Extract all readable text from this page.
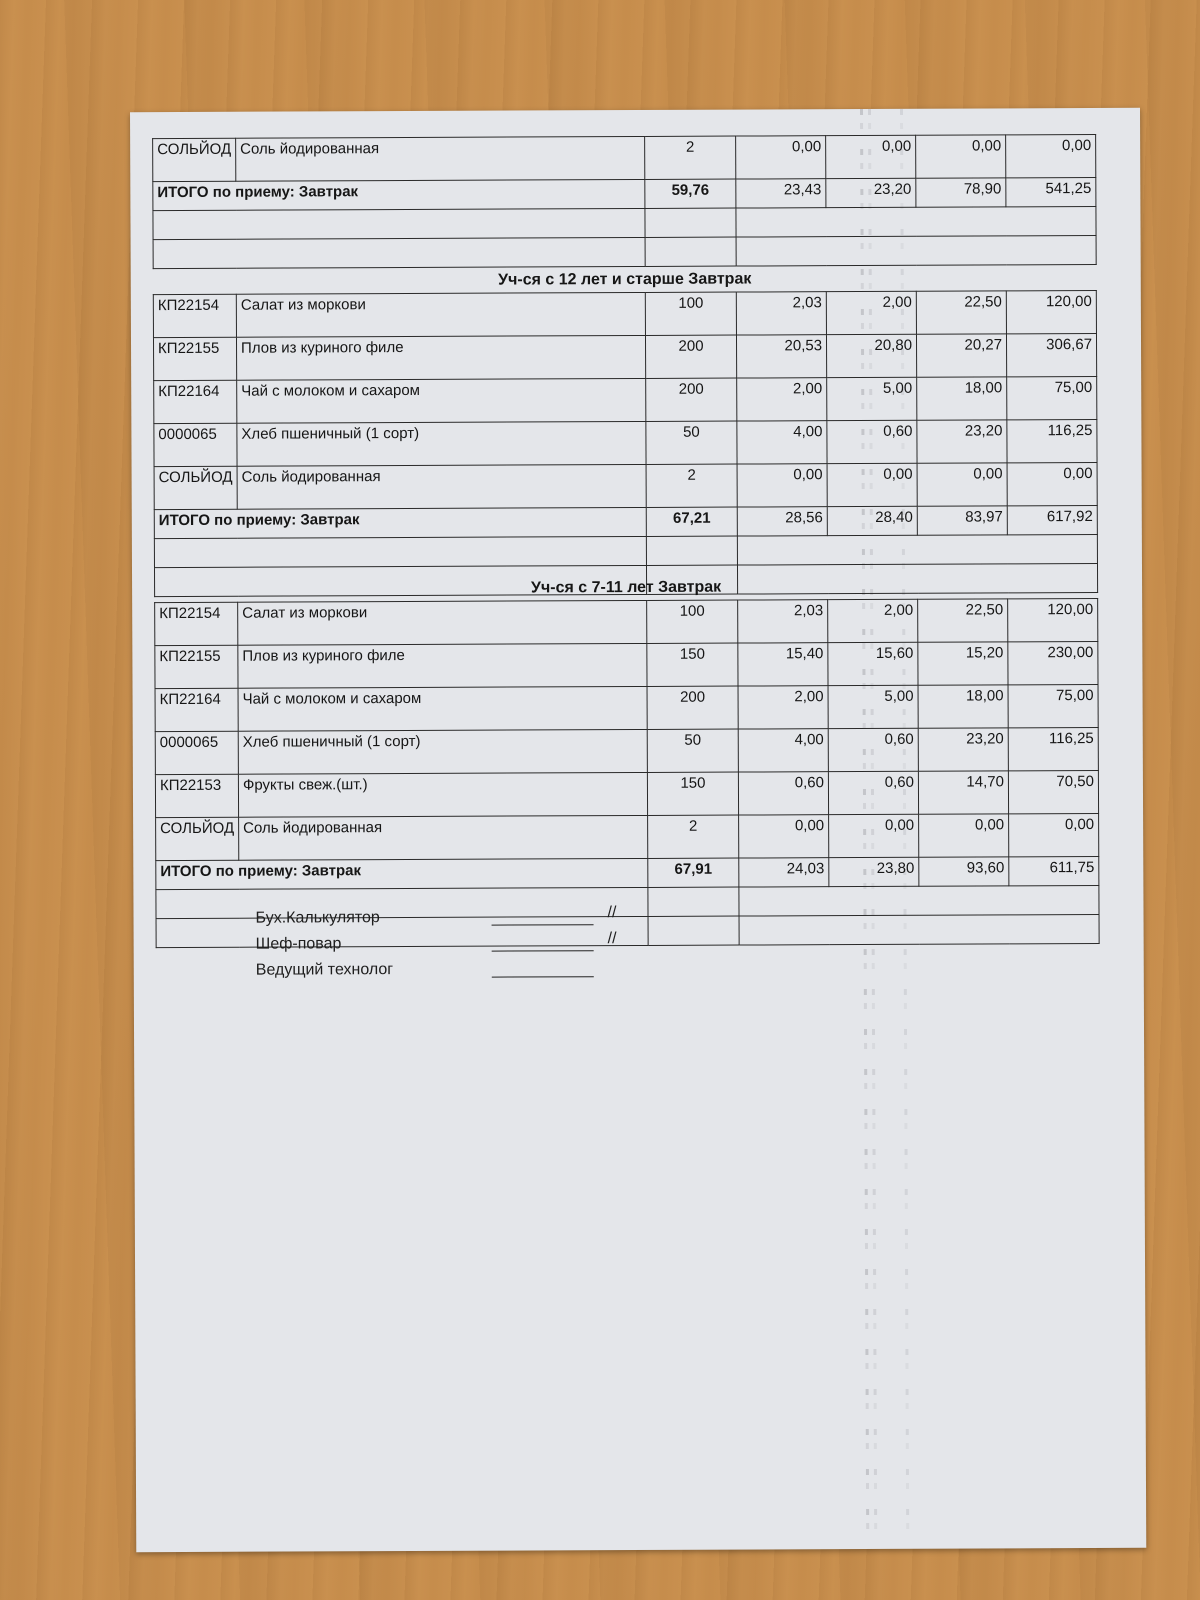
СОЛЬЙОД	Соль йодированная	2	0,00	0,00	0,00	0,00
ИТОГО по приему: Завтрак		59,76	23,43	23,20	78,90	541,25

Уч-ся с 12 лет и старше Завтрак
КП22154	Салат из моркови	100	2,03	2,00	22,50	120,00
КП22155	Плов из куриного филе	200	20,53	20,80	20,27	306,67
КП22164	Чай с молоком и сахаром	200	2,00	5,00	18,00	75,00
0000065	Хлеб пшеничный (1 сорт)	50	4,00	0,60	23,20	116,25
СОЛЬЙОД	Соль йодированная	2	0,00	0,00	0,00	0,00
ИТОГО по приему: Завтрак		67,21	28,56	28,40	83,97	617,92

Уч-ся с 7-11 лет Завтрак
КП22154	Салат из моркови	100	2,03	2,00	22,50	120,00
КП22155	Плов из куриного филе	150	15,40	15,60	15,20	230,00
КП22164	Чай с молоком и сахаром	200	2,00	5,00	18,00	75,00
0000065	Хлеб пшеничный (1 сорт)	50	4,00	0,60	23,20	116,25
КП22153	Фрукты свеж.(шт.)	150	0,60	0,60	14,70	70,50
СОЛЬЙОД	Соль йодированная	2	0,00	0,00	0,00	0,00
ИТОГО по приему: Завтрак		67,91	24,03	23,80	93,60	611,75

Бух.Калькулятор	//
Шеф-повар	//
Ведущий технолог
